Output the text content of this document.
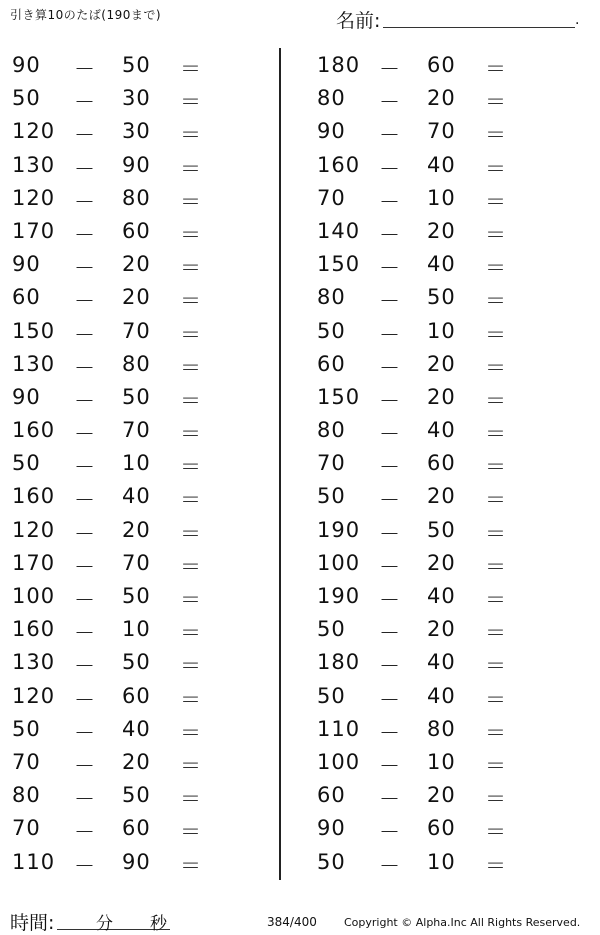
引き算10のたば(190まで)	名前:	.
90 － 50 ＝
50 － 30 ＝
120 － 30 ＝
130 － 90 ＝
120 － 80 ＝
170 － 60 ＝
90 － 20 ＝
60 － 20 ＝
150 － 70 ＝
130 － 80 ＝
90 － 50 ＝
160 － 70 ＝
50 － 10 ＝
160 － 40 ＝
120 － 20 ＝
170 － 70 ＝
100 － 50 ＝
160 － 10 ＝
130 － 50 ＝
120 － 60 ＝
50 － 40 ＝
70 － 20 ＝
80 － 50 ＝
70 － 60 ＝
110 － 90 ＝
180 － 60 ＝
80 － 20 ＝
90 － 70 ＝
160 － 40 ＝
70 － 10 ＝
140 － 20 ＝
150 － 40 ＝
80 － 50 ＝
50 － 10 ＝
60 － 20 ＝
150 － 20 ＝
80 － 40 ＝
70 － 60 ＝
50 － 20 ＝
190 － 50 ＝
100 － 20 ＝
190 － 40 ＝
50 － 20 ＝
180 － 40 ＝
50 － 40 ＝
110 － 80 ＝
100 － 10 ＝
60 － 20 ＝
90 － 60 ＝
50 － 10 ＝
時間: 分 秒	384/400 Copyright © Alpha.Inc All Rights Reserved.
